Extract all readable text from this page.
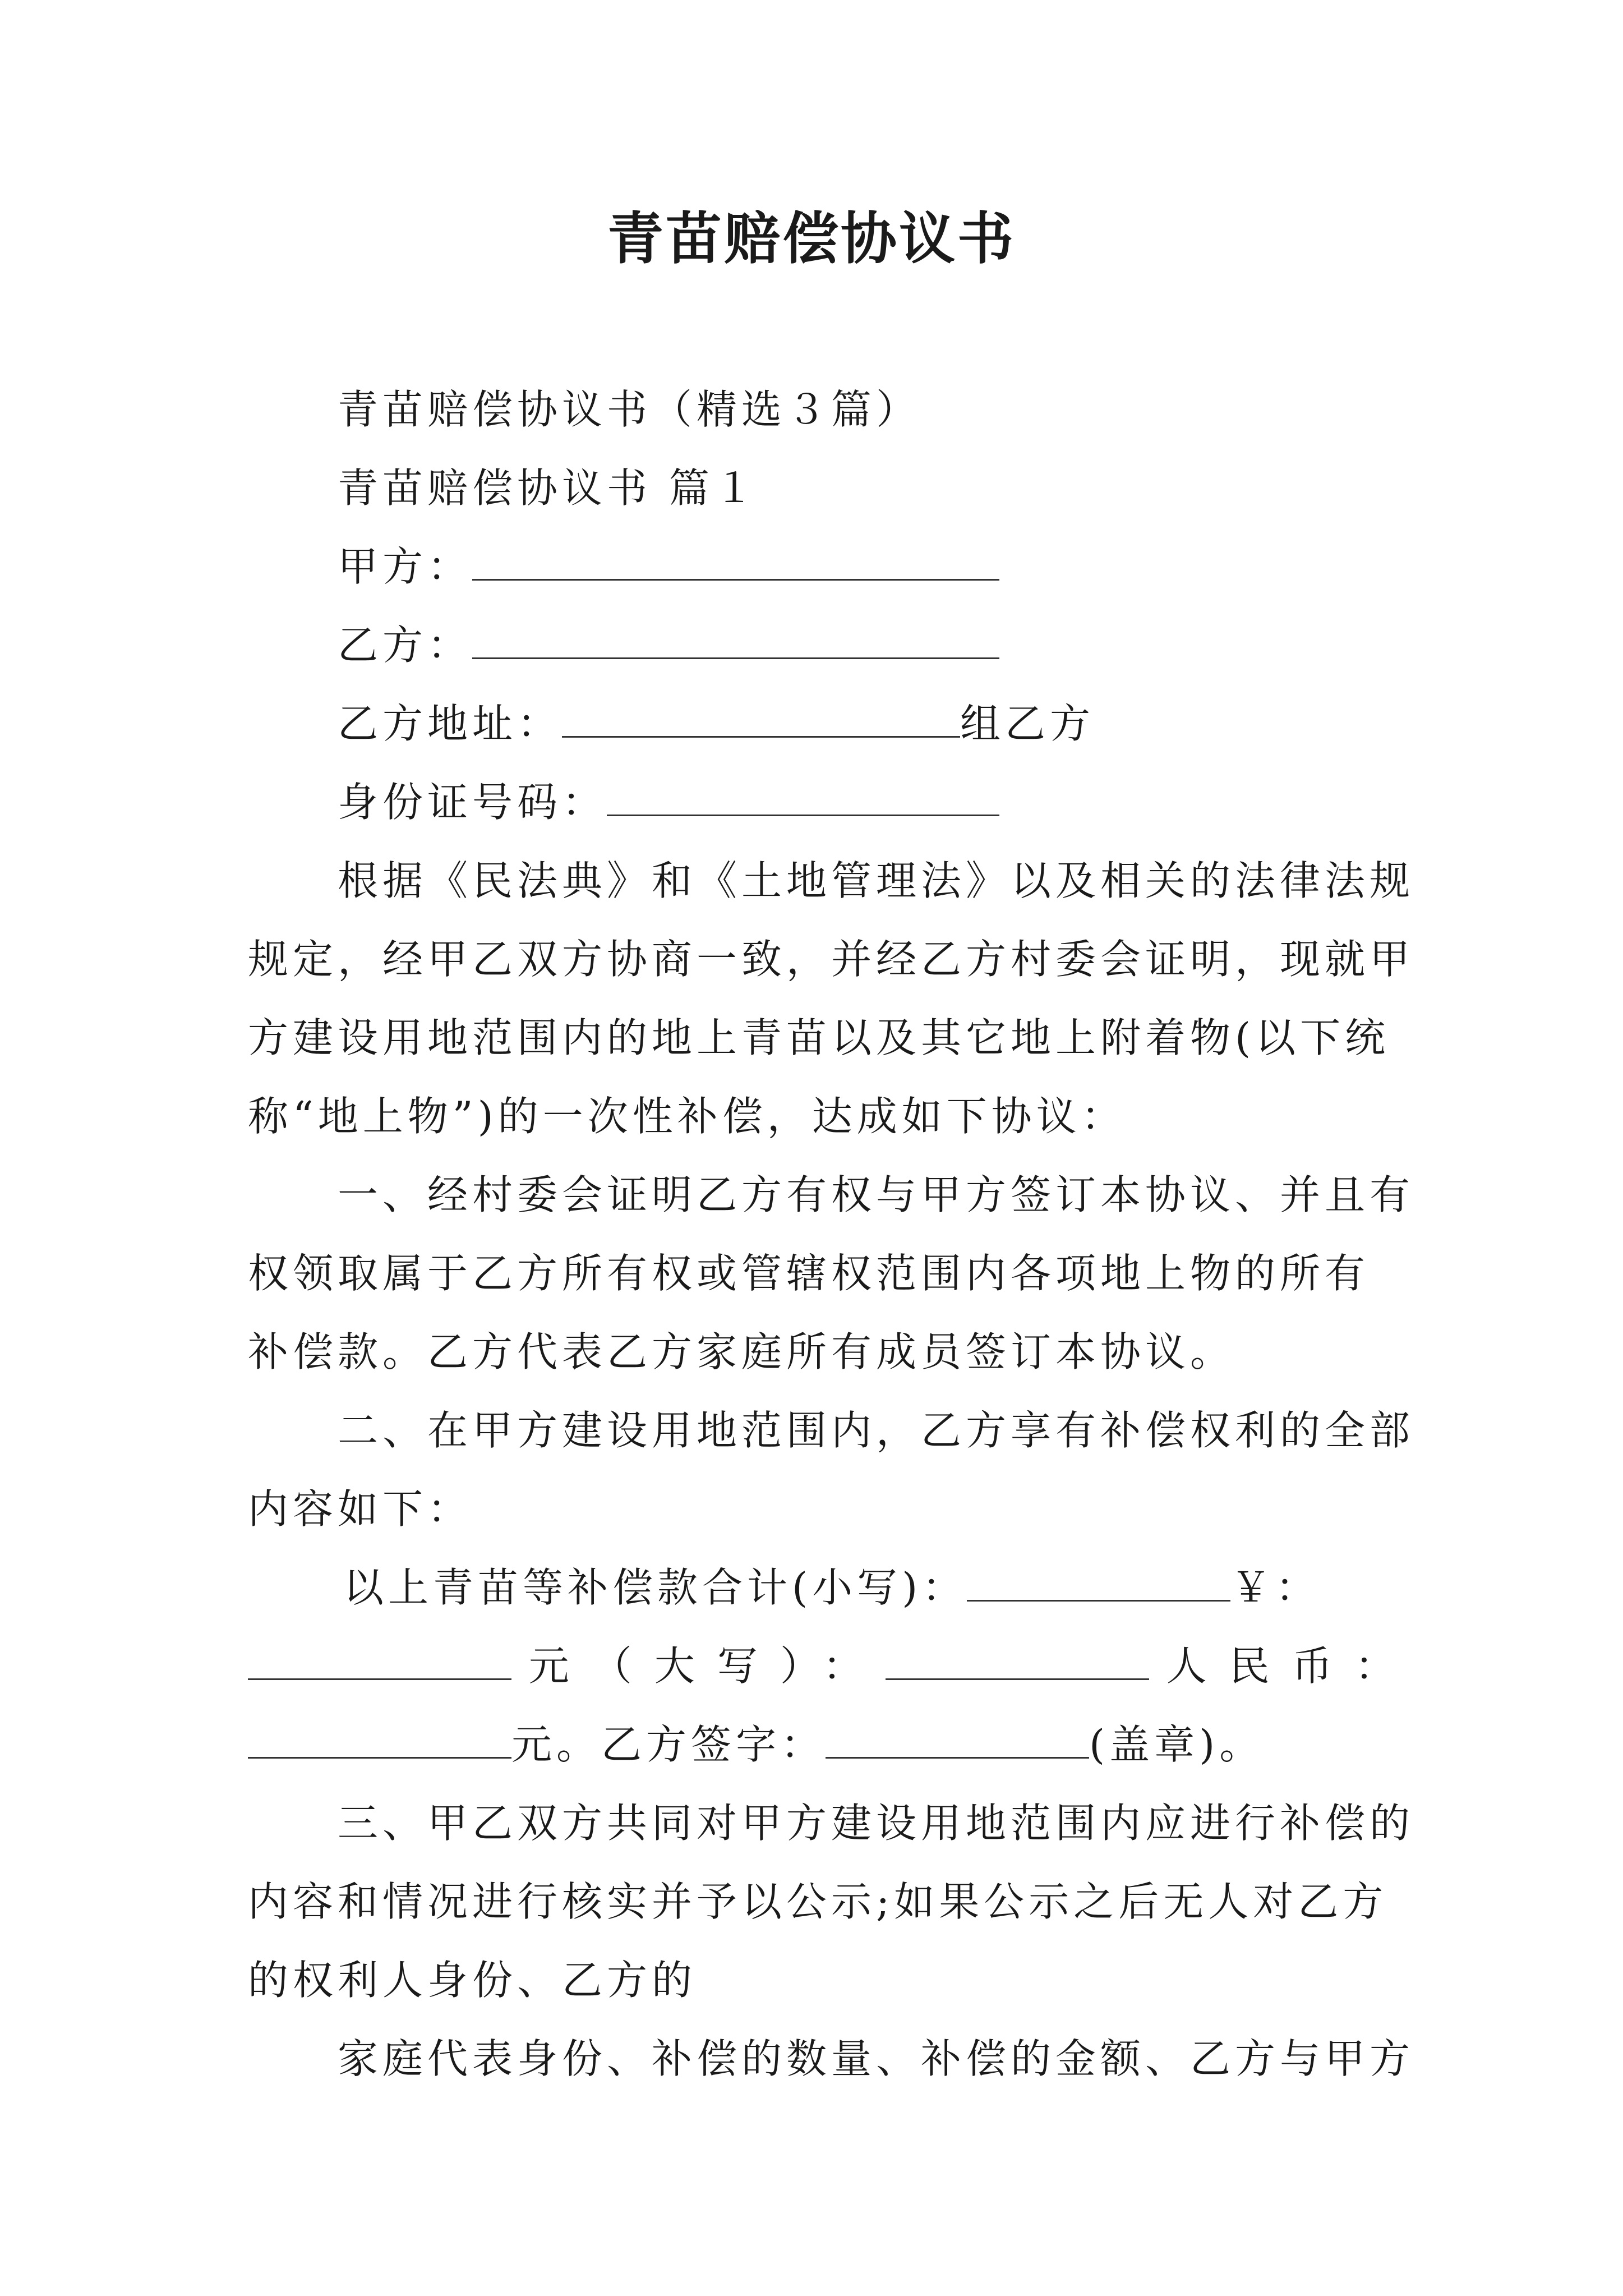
青苗赔偿协议书
青苗赔偿协议书（精选３篇）
青苗赔偿协议书 篇１
甲方：
乙方：
乙方地址：	组乙方
身份证号码：
根据《民法典》和《土地管理法》以及相关的法律法规
规定，经甲乙双方协商一致，并经乙方村委会证明，现就甲
方建设用地范围内的地上青苗以及其它地上附着物(以下统
称“地上物”)的一次性补偿，达成如下协议：
一、经村委会证明乙方有权与甲方签订本协议、并且有
权领取属于乙方所有权或管辖权范围内各项地上物的所有
补偿款。乙方代表乙方家庭所有成员签订本协议。
二、在甲方建设用地范围内，乙方享有补偿权利的全部
内容如下：
以上青苗等补偿款合计(小写)：	￥：
元（大写）：	人民币：
元。乙方签字：	(盖章)。
三、甲乙双方共同对甲方建设用地范围内应进行补偿的
内容和情况进行核实并予以公示;如果公示之后无人对乙方
的权利人身份、乙方的
家庭代表身份、补偿的数量、补偿的金额、乙方与甲方
